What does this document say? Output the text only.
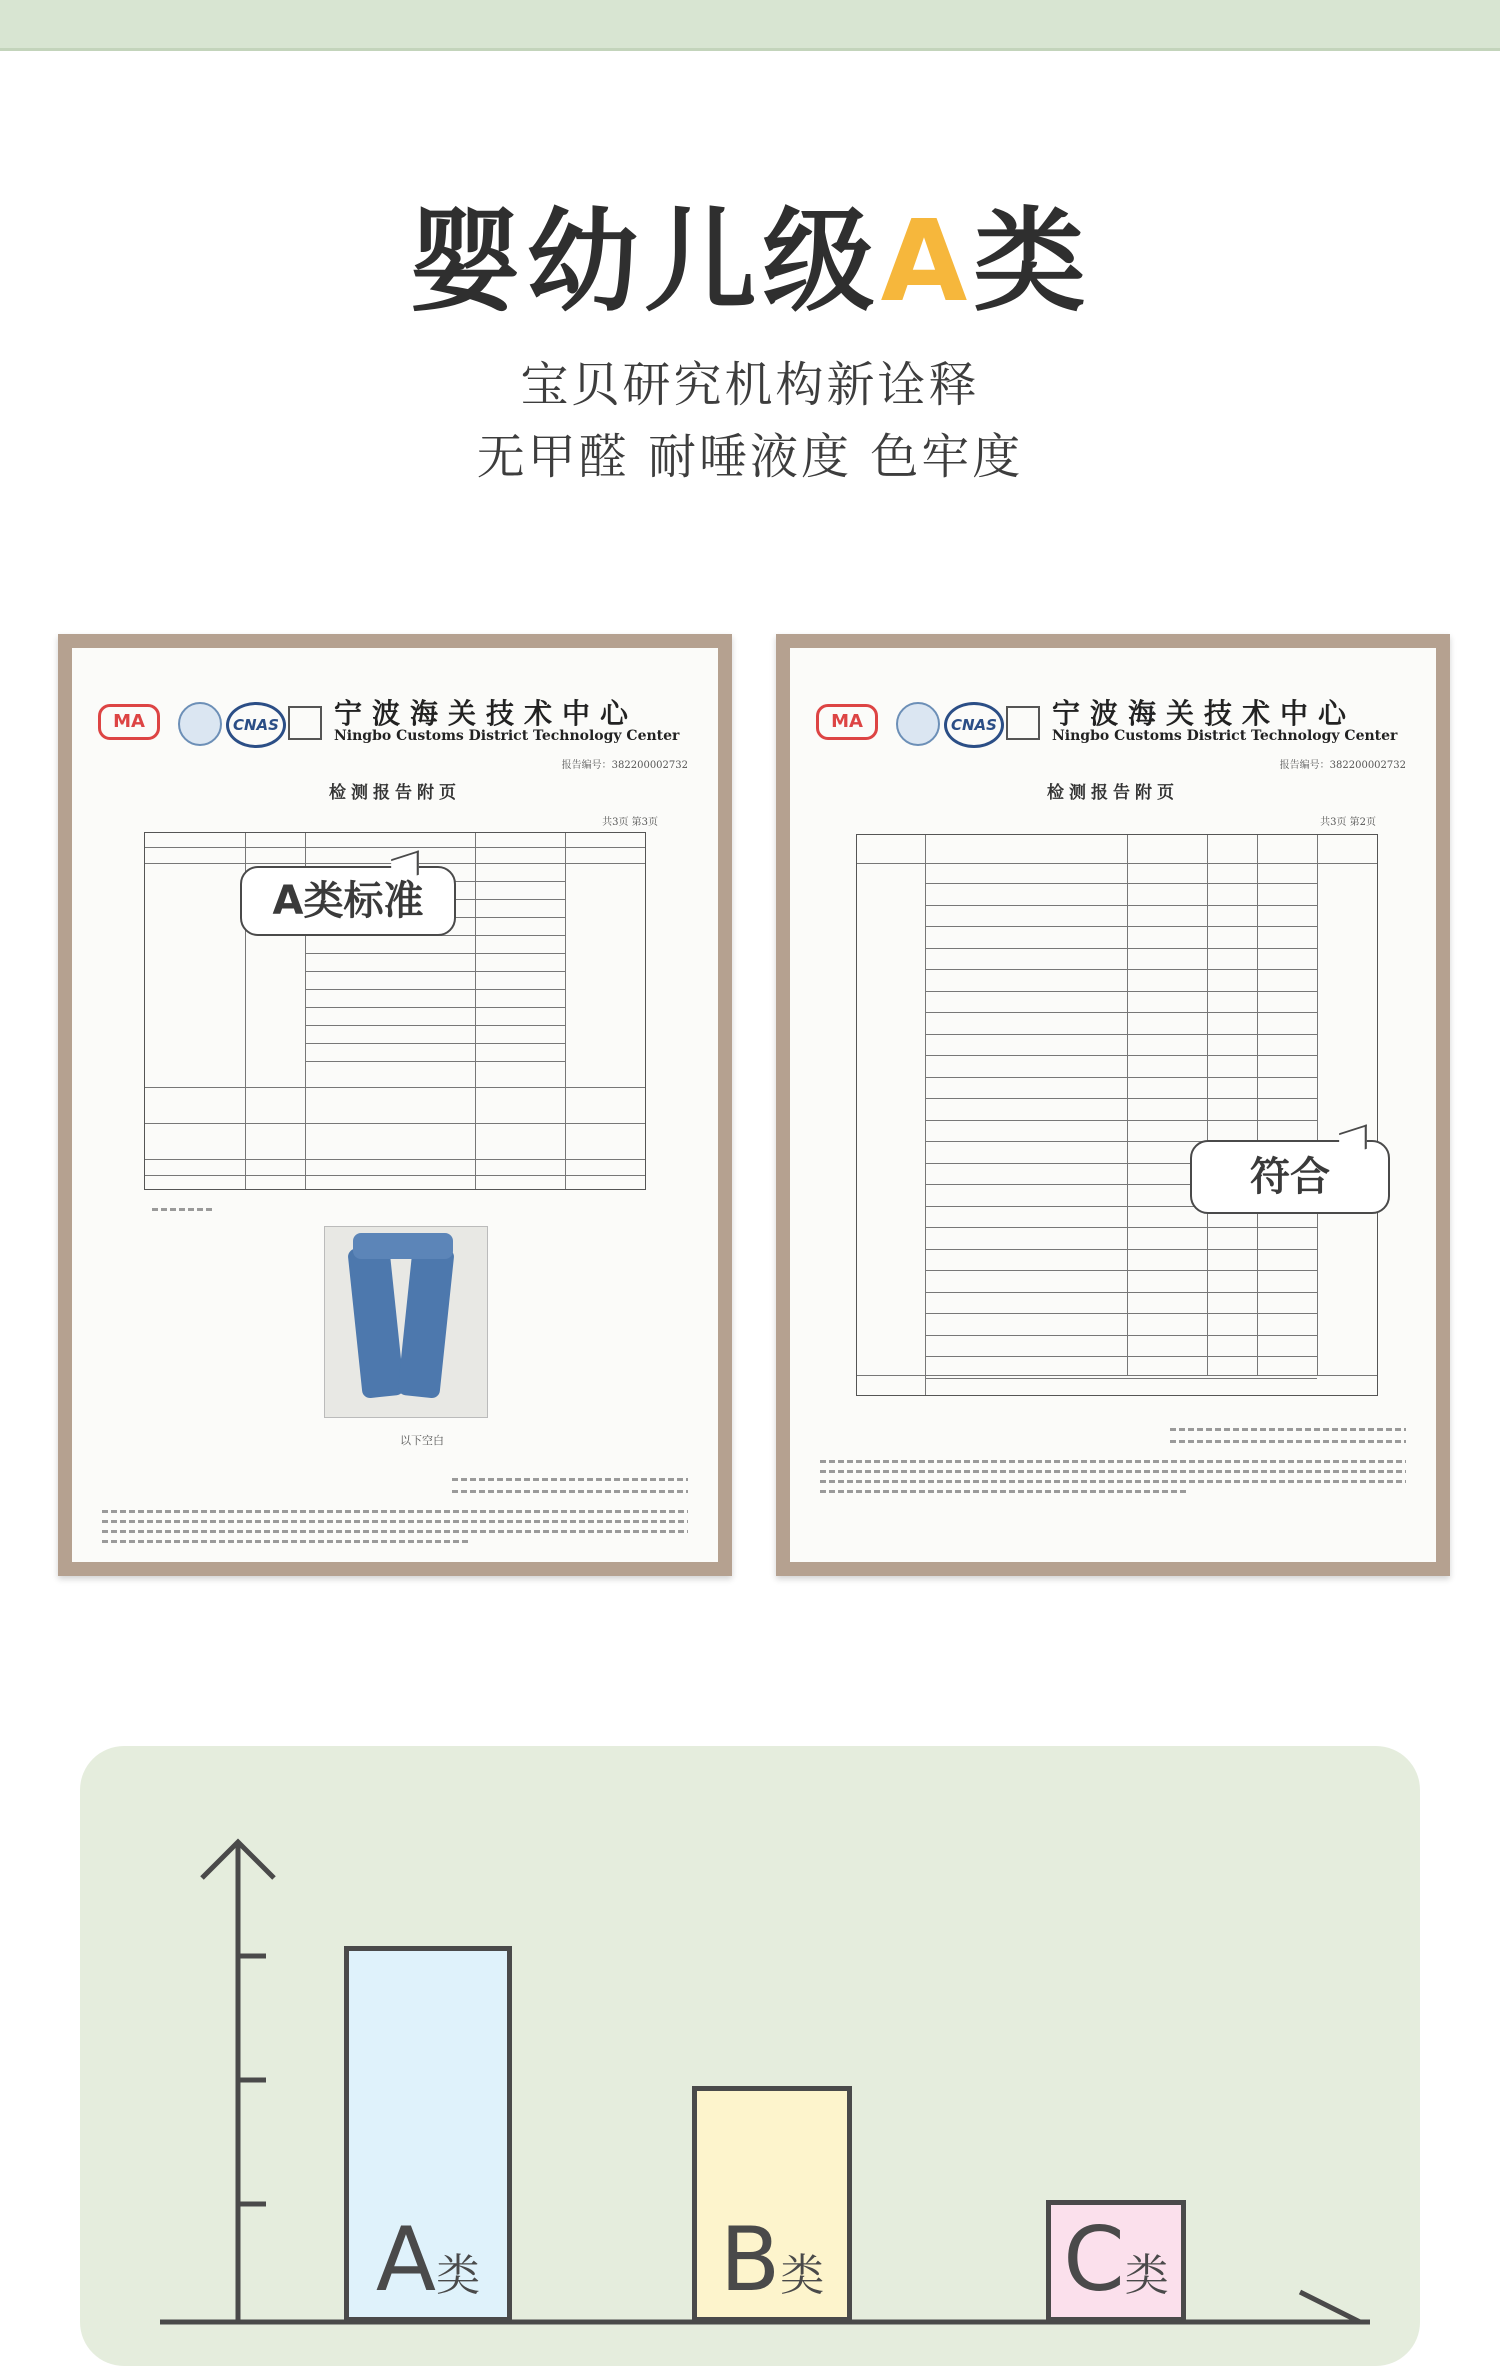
婴幼儿级A类
宝贝研究机构新诠释
无甲醛 耐唾液度 色牢度
MA	CNAS 宁波海关技术中心
Ningbo Customs District Technology Center
报告编号：382200002732
检测报告附页
共3页 第3页
以下空白
A类标准
MA	CNAS 宁波海关技术中心
Ningbo Customs District Technology Center
报告编号：382200002732
检测报告附页
共3页 第2页
符合
A类	B类	C类
